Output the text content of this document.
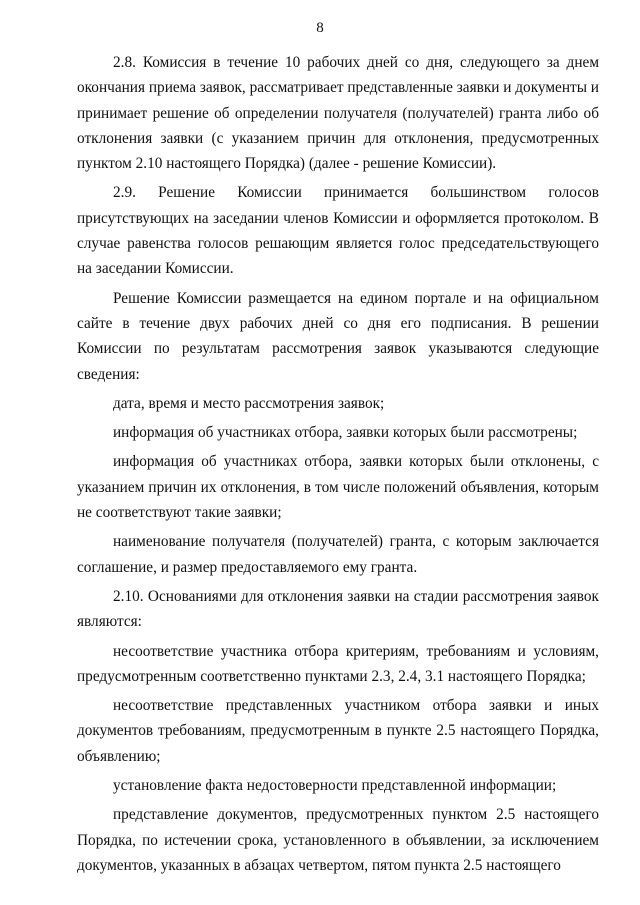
8

2.8. Комиссия в течение 10 рабочих дней со дня, следующего за днем окончания приема заявок, рассматривает представленные заявки и документы и принимает решение об определении получателя (получателей) гранта либо об отклонения заявки (с указанием причин для отклонения, предусмотренных пунктом 2.10 настоящего Порядка) (далее - решение Комиссии).

2.9. Решение Комиссии принимается большинством голосов присутствующих на заседании членов Комиссии и оформляется протоколом. В случае равенства голосов решающим является голос председательствующего на заседании Комиссии.

Решение Комиссии размещается на едином портале и на официальном сайте в течение двух рабочих дней со дня его подписания. В решении Комиссии по результатам рассмотрения заявок указываются следующие сведения:

дата, время и место рассмотрения заявок;

информация об участниках отбора, заявки которых были рассмотрены;

информация об участниках отбора, заявки которых были отклонены, с указанием причин их отклонения, в том числе положений объявления, которым не соответствуют такие заявки;

наименование получателя (получателей) гранта, с которым заключается соглашение, и размер предоставляемого ему гранта.

2.10. Основаниями для отклонения заявки на стадии рассмотрения заявок являются:

несоответствие участника отбора критериям, требованиям и условиям, предусмотренным соответственно пунктами 2.3, 2.4, 3.1 настоящего Порядка;

несоответствие представленных участником отбора заявки и иных документов требованиям, предусмотренным в пункте 2.5 настоящего Порядка, объявлению;

установление факта недостоверности представленной информации;

представление документов, предусмотренных пунктом 2.5 настоящего Порядка, по истечении срока, установленного в объявлении, за исключением документов, указанных в абзацах четвертом, пятом пункта 2.5 настоящего
